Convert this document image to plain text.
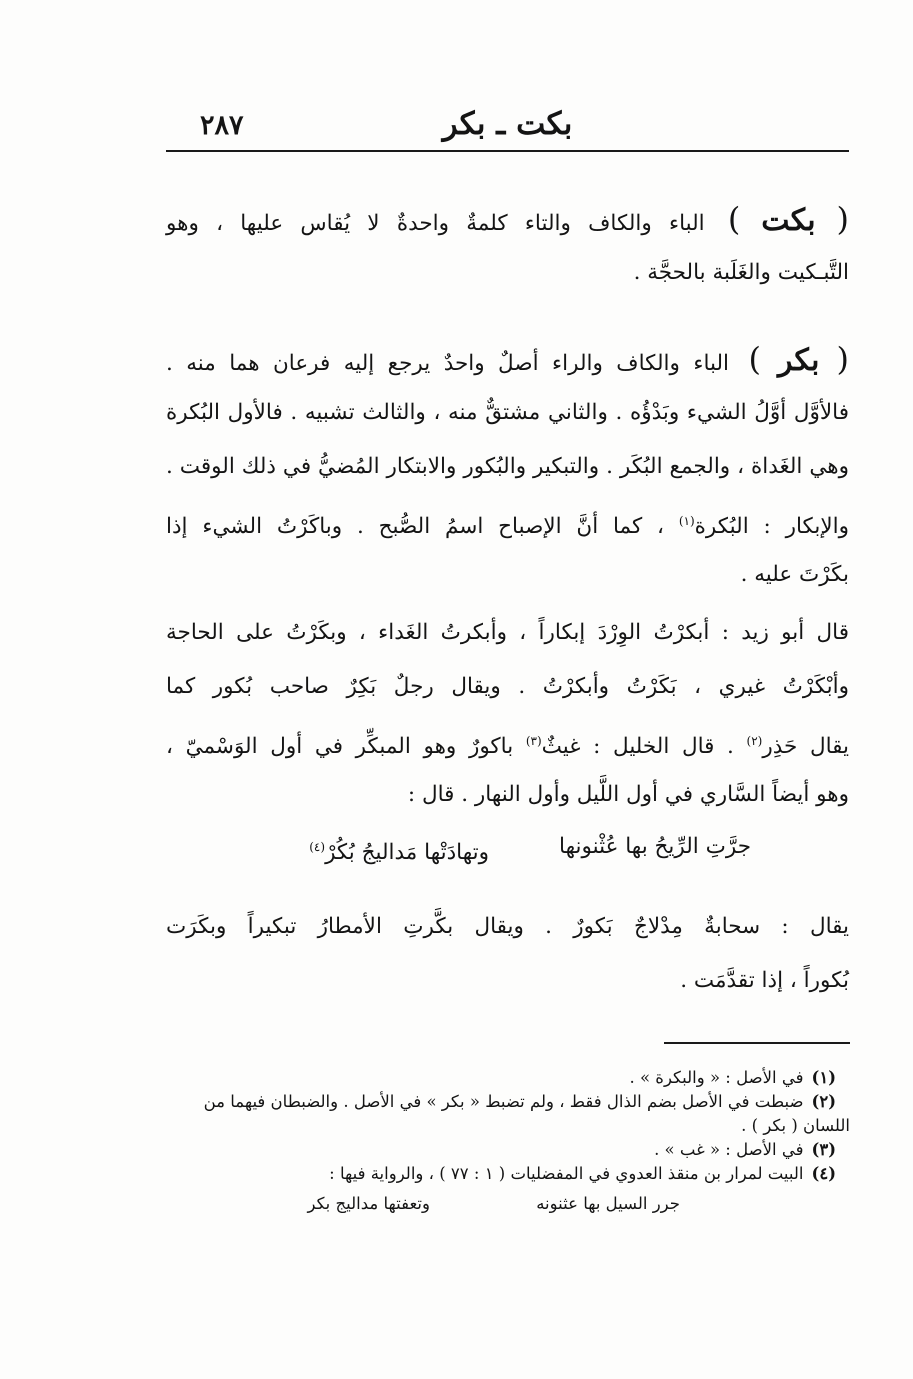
٢٨٧	بكت ـ بكر
( بكت ) الباء والكاف والتاء كلمةٌ واحدةٌ لا يُقاس عليها ، وهو
التَّبـكيت والغَلَبة بالحجَّة .
( بكر ) الباء والكاف والراء أصلٌ واحدٌ يرجع إليه فرعان هما منه .
فالأوَّل أوَّلُ الشيء وبَدْؤُه . والثاني مشتقٌّ منه ، والثالث تشبيه . فالأول البُكرة
وهي الغَداة ، والجمع البُكَر . والتبكير والبُكور والابتكار المُضيُّ في ذلك الوقت .
والإبكار : البُكرة$^{(١)}$ ، كما أنَّ الإصباح اسمُ الصُّبح . وباكَرْتُ الشيء إذا
بكَرْتَ عليه .
قال أبو زيد : أبكرْتُ الوِرْدَ إبكاراً ، وأبكرتُ الغَداء ، وبكَرْتُ على الحاجة
وأبْكَرْتُ غيري ، بَكَرْتُ وأبكرْتُ . ويقال رجلٌ بَكِرٌ صاحب بُكور كما
يقال حَذِر$^{(٢)}$ . قال الخليل : غيثٌ$^{(٣)}$ باكورٌ وهو المبكِّر في أول الوَسْميّ ،
وهو أيضاً السَّاري في أول اللَّيل وأول النهار . قال :
جرَّتِ الرِّيحُ بها عُثْنونها
وتهادَتْها مَداليجُ بُكُرْ$^{(٤)}$
يقال : سحابةٌ مِدْلاجٌ بَكورٌ . ويقال بكَّرتِ الأمطارُ تبكيراً وبكَرَت
بُكوراً ، إذا تقدَّمَت .
(١)في الأصل : « والبكرة » .
(٢)ضبطت في الأصل بضم الذال فقط ، ولم تضبط « بكر » في الأصل . والضبطان فيهما من
اللسان ( بكر ) .
(٣)في الأصل : « غب » .
(٤)البيت لمرار بن منقذ العدوي في المفضليات ( ١ : ٧٧ ) ، والرواية فيها :
جرر السيل بها عثنونه
وتعفتها مداليج بكر
